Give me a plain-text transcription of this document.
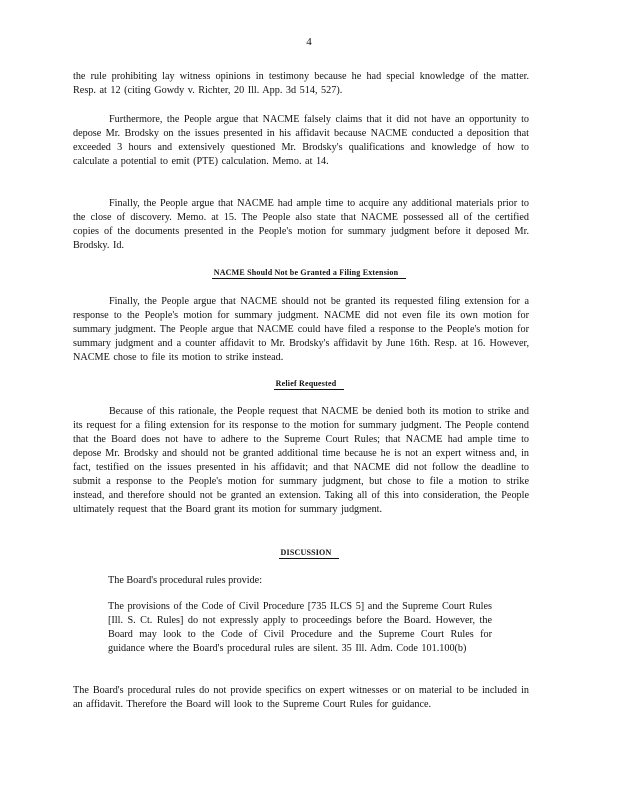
4

the rule prohibiting lay witness opinions in testimony because he had special knowledge of the matter. Resp. at 12 (citing Gowdy v. Richter, 20 Ill. App. 3d 514, 527).

Furthermore, the People argue that NACME falsely claims that it did not have an opportunity to depose Mr. Brodsky on the issues presented in his affidavit because NACME conducted a deposition that exceeded 3 hours and extensively questioned Mr. Brodsky's qualifications and knowledge of how to calculate a potential to emit (PTE) calculation. Memo. at 14.

Finally, the People argue that NACME had ample time to acquire any additional materials prior to the close of discovery. Memo. at 15. The People also state that NACME possessed all of the certified copies of the documents presented in the People's motion for summary judgment before it deposed Mr. Brodsky. Id.

NACME Should Not be Granted a Filing Extension

Finally, the People argue that NACME should not be granted its requested filing extension for a response to the People's motion for summary judgment. NACME did not even file its own motion for summary judgment. The People argue that NACME could have filed a response to the People's motion for summary judgment and a counter affidavit to Mr. Brodsky's affidavit by June 16th. Resp. at 16. However, NACME chose to file its motion to strike instead.

Relief Requested

Because of this rationale, the People request that NACME be denied both its motion to strike and its request for a filing extension for its response to the motion for summary judgment. The People contend that the Board does not have to adhere to the Supreme Court Rules; that NACME had ample time to depose Mr. Brodsky and should not be granted additional time because he is not an expert witness and, in fact, testified on the issues presented in his affidavit; and that NACME did not follow the deadline to submit a response to the People's motion for summary judgment, but chose to file a motion to strike instead, and therefore should not be granted an extension. Taking all of this into consideration, the People ultimately request that the Board grant its motion for summary judgment.

DISCUSSION

The Board's procedural rules provide:

The provisions of the Code of Civil Procedure [735 ILCS 5] and the Supreme Court Rules [Ill. S. Ct. Rules] do not expressly apply to proceedings before the Board. However, the Board may look to the Code of Civil Procedure and the Supreme Court Rules for guidance where the Board's procedural rules are silent. 35 Ill. Adm. Code 101.100(b)

The Board's procedural rules do not provide specifics on expert witnesses or on material to be included in an affidavit. Therefore the Board will look to the Supreme Court Rules for guidance.
